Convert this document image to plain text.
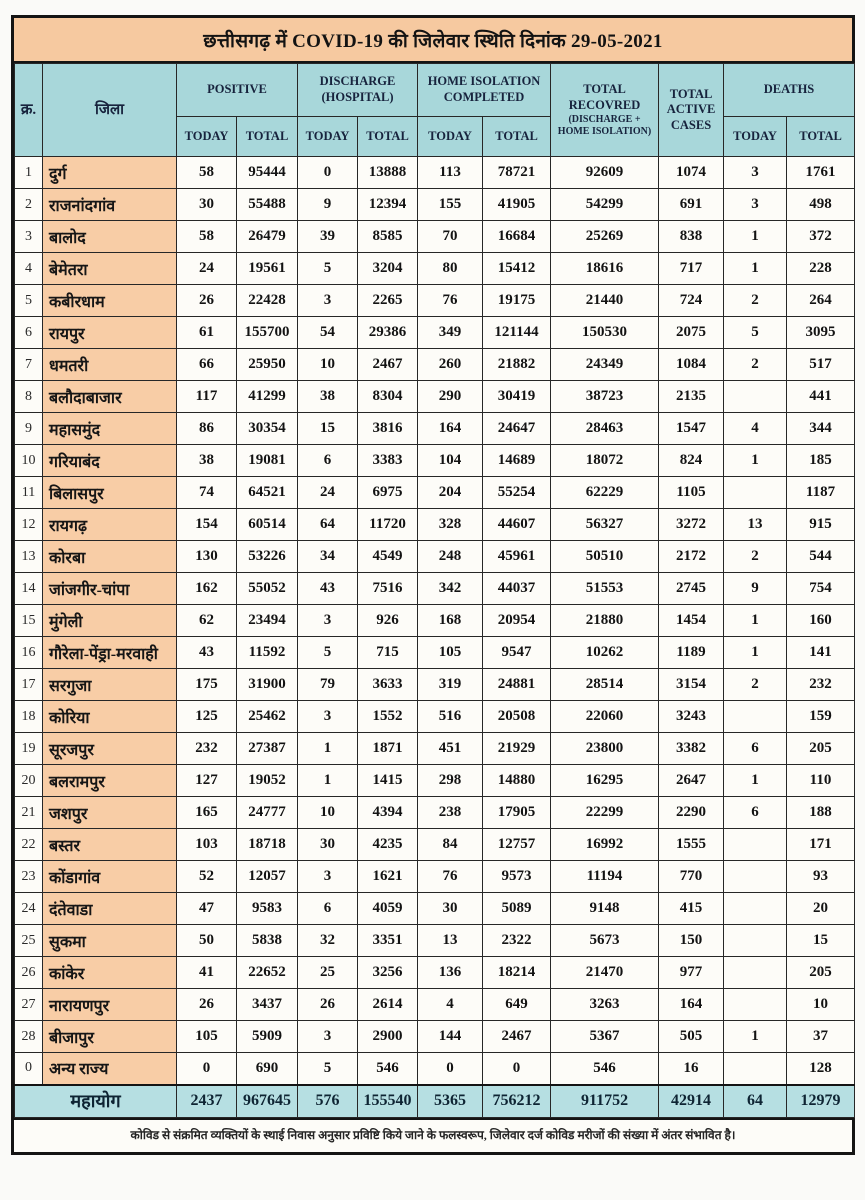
छत्तीसगढ़ में COVID-19 की जिलेवार स्थिति दिनांक 29-05-2021
क्र.	जिला	POSITIVE		DISCHARGE (HOSPITAL)		HOME ISOLATION COMPLETED		TOTAL RECOVRED
(DISCHARGE + HOME ISOLATION)	TOTAL ACTIVE CASES	DEATHS	
		TODAY	TOTAL	TODAY	TOTAL	TODAY	TOTAL			TODAY	TOTAL
1	दुर्ग	58	95444	0	13888	113	78721	92609	1074	3	1761
2	राजनांदगांव	30	55488	9	12394	155	41905	54299	691	3	498
3	बालोद	58	26479	39	8585	70	16684	25269	838	1	372
4	बेमेतरा	24	19561	5	3204	80	15412	18616	717	1	228
5	कबीरधाम	26	22428	3	2265	76	19175	21440	724	2	264
6	रायपुर	61	155700	54	29386	349	121144	150530	2075	5	3095
7	धमतरी	66	25950	10	2467	260	21882	24349	1084	2	517
8	बलौदाबाजार	117	41299	38	8304	290	30419	38723	2135		441
9	महासमुंद	86	30354	15	3816	164	24647	28463	1547	4	344
10	गरियाबंद	38	19081	6	3383	104	14689	18072	824	1	185
11	बिलासपुर	74	64521	24	6975	204	55254	62229	1105		1187
12	रायगढ़	154	60514	64	11720	328	44607	56327	3272	13	915
13	कोरबा	130	53226	34	4549	248	45961	50510	2172	2	544
14	जांजगीर-चांपा	162	55052	43	7516	342	44037	51553	2745	9	754
15	मुंगेली	62	23494	3	926	168	20954	21880	1454	1	160
16	गौरेला-पेंड्रा-मरवाही	43	11592	5	715	105	9547	10262	1189	1	141
17	सरगुजा	175	31900	79	3633	319	24881	28514	3154	2	232
18	कोरिया	125	25462	3	1552	516	20508	22060	3243		159
19	सूरजपुर	232	27387	1	1871	451	21929	23800	3382	6	205
20	बलरामपुर	127	19052	1	1415	298	14880	16295	2647	1	110
21	जशपुर	165	24777	10	4394	238	17905	22299	2290	6	188
22	बस्तर	103	18718	30	4235	84	12757	16992	1555		171
23	कोंडागांव	52	12057	3	1621	76	9573	11194	770		93
24	दंतेवाडा	47	9583	6	4059	30	5089	9148	415		20
25	सुकमा	50	5838	32	3351	13	2322	5673	150		15
26	कांकेर	41	22652	25	3256	136	18214	21470	977		205
27	नारायणपुर	26	3437	26	2614	4	649	3263	164		10
28	बीजापुर	105	5909	3	2900	144	2467	5367	505	1	37
0	अन्य राज्य	0	690	5	546	0	0	546	16		128
महायोग		2437	967645	576	155540	5365	756212	911752	42914	64	12979
कोविड से संक्रमित व्यक्तियों के स्थाई निवास अनुसार प्रविष्टि किये जाने के फलस्वरूप, जिलेवार दर्ज कोविड मरीजों की संख्या में अंतर संभावित है।
